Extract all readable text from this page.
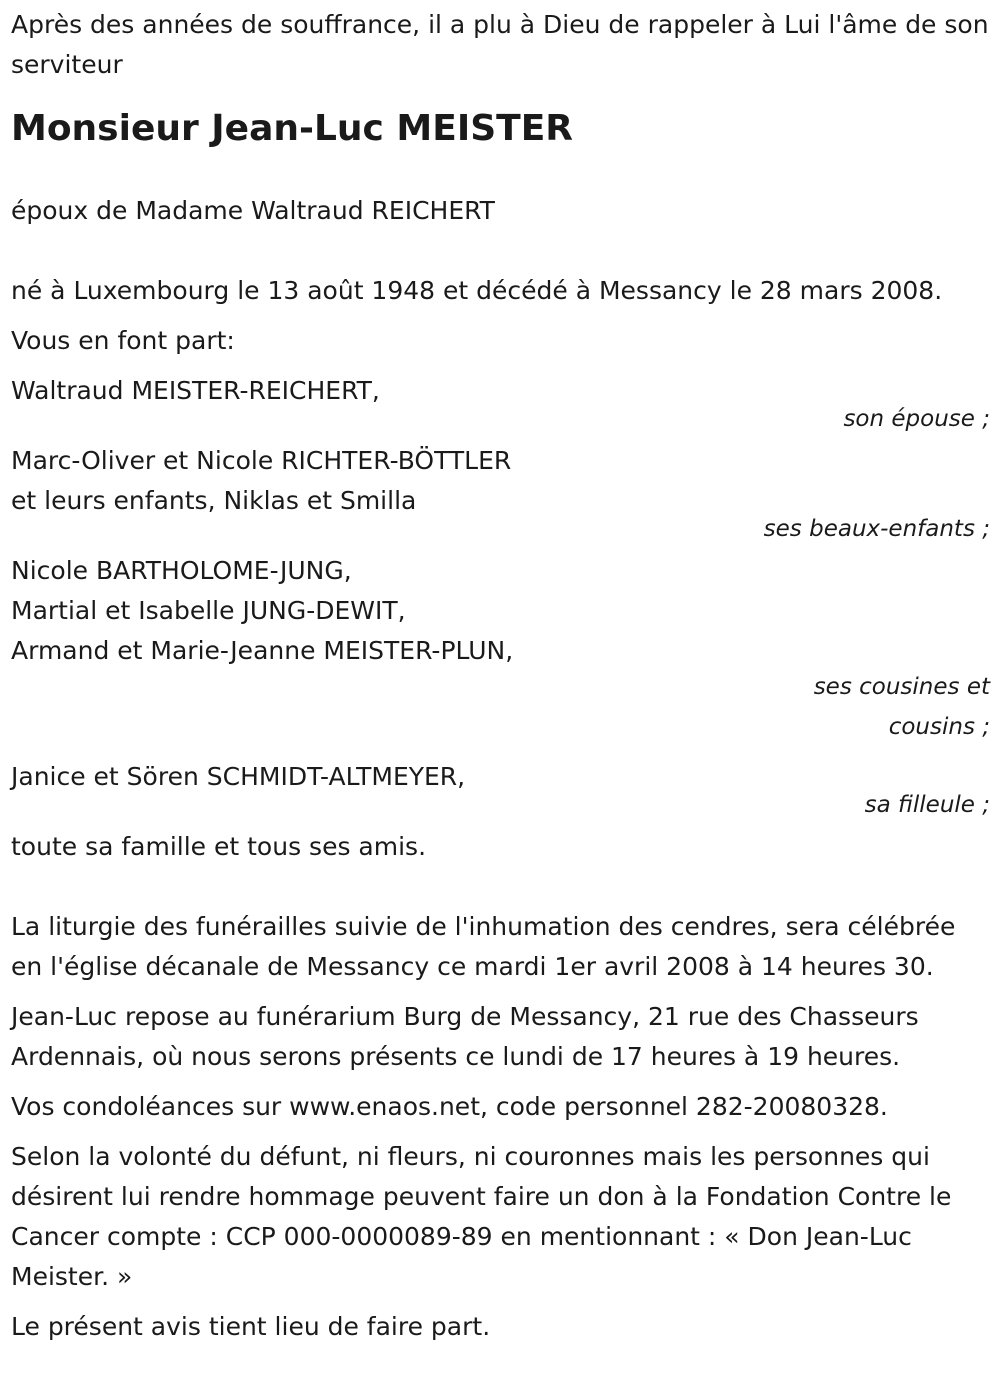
Après des années de souffrance, il a plu à Dieu de rappeler à Lui l'âme de son serviteur

Monsieur Jean-Luc MEISTER

époux de Madame Waltraud REICHERT

né à Luxembourg le 13 août 1948 et décédé à Messancy le 28 mars 2008.

Vous en font part:

Waltraud MEISTER-REICHERT,

son épouse ;

Marc-Oliver et Nicole RICHTER-BÖTTLER

et leurs enfants, Niklas et Smilla

ses beaux-enfants ;

Nicole BARTHOLOME-JUNG,

Martial et Isabelle JUNG-DEWIT,

Armand et Marie-Jeanne MEISTER-PLUN,

ses cousines et cousins ;

Janice et Sören SCHMIDT-ALTMEYER,

sa filleule ;

toute sa famille et tous ses amis.

La liturgie des funérailles suivie de l'inhumation des cendres, sera célébrée en l'église décanale de Messancy ce mardi 1er avril 2008 à 14 heures 30.

Jean-Luc repose au funérarium Burg de Messancy, 21 rue des Chasseurs Ardennais, où nous serons présents ce lundi de 17 heures à 19 heures.

Vos condoléances sur www.enaos.net, code personnel 282-20080328.

Selon la volonté du défunt, ni fleurs, ni couronnes mais les personnes qui désirent lui rendre hommage peuvent faire un don à la Fondation Contre le Cancer compte : CCP 000-0000089-89 en mentionnant : « Don Jean-Luc Meister. »

Le présent avis tient lieu de faire part.
